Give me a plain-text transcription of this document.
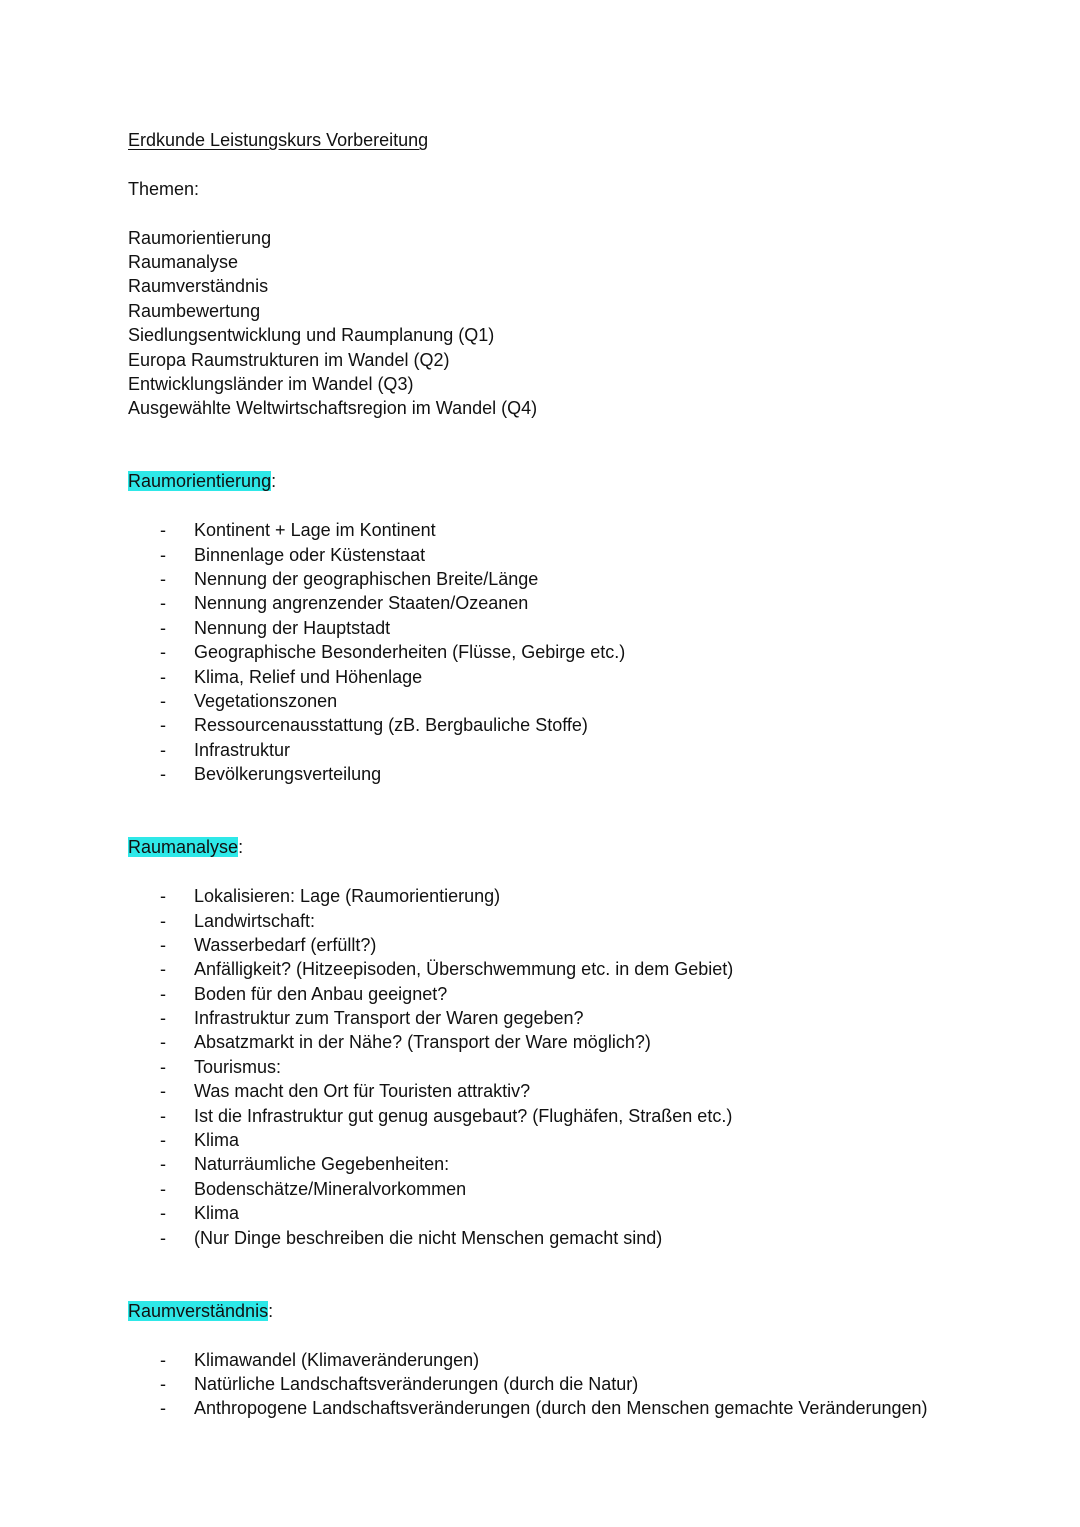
Erdkunde Leistungskurs Vorbereitung
Themen:
Raumorientierung
Raumanalyse
Raumverständnis
Raumbewertung
Siedlungsentwicklung und Raumplanung (Q1)
Europa Raumstrukturen im Wandel (Q2)
Entwicklungsländer im Wandel (Q3)
Ausgewählte Weltwirtschaftsregion im Wandel (Q4)
Raumorientierung:
- Kontinent + Lage im Kontinent
- Binnenlage oder Küstenstaat
- Nennung der geographischen Breite/Länge
- Nennung angrenzender Staaten/Ozeanen
- Nennung der Hauptstadt
- Geographische Besonderheiten (Flüsse, Gebirge etc.)
- Klima, Relief und Höhenlage
- Vegetationszonen
- Ressourcenausstattung (zB. Bergbauliche Stoffe)
- Infrastruktur
- Bevölkerungsverteilung
Raumanalyse:
- Lokalisieren: Lage (Raumorientierung)
- Landwirtschaft:
- Wasserbedarf (erfüllt?)
- Anfälligkeit? (Hitzeepisoden, Überschwemmung etc. in dem Gebiet)
- Boden für den Anbau geeignet?
- Infrastruktur zum Transport der Waren gegeben?
- Absatzmarkt in der Nähe? (Transport der Ware möglich?)
- Tourismus:
- Was macht den Ort für Touristen attraktiv?
- Ist die Infrastruktur gut genug ausgebaut? (Flughäfen, Straßen etc.)
- Klima
- Naturräumliche Gegebenheiten:
- Bodenschätze/Mineralvorkommen
- Klima
- (Nur Dinge beschreiben die nicht Menschen gemacht sind)
Raumverständnis:
- Klimawandel (Klimaveränderungen)
- Natürliche Landschaftsveränderungen (durch die Natur)
- Anthropogene Landschaftsveränderungen (durch den Menschen gemachte Veränderungen)
